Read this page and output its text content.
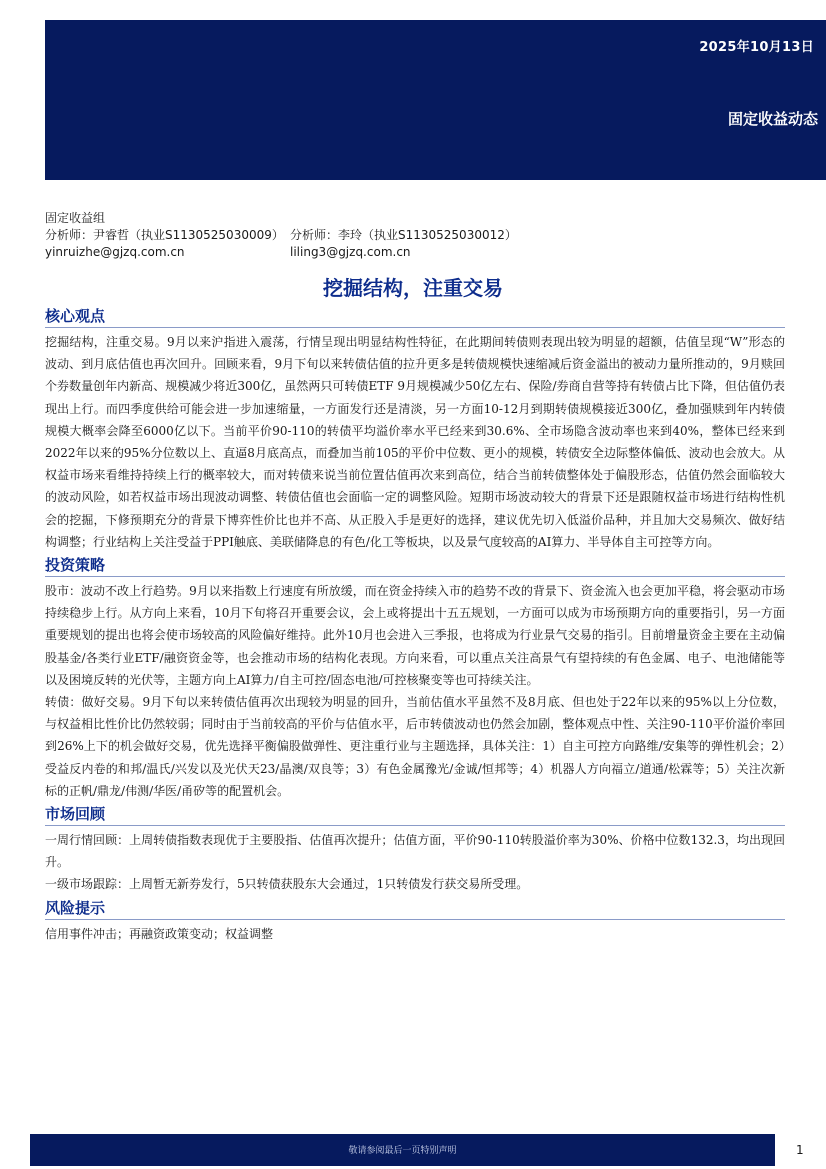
2025年10月13日
固定收益动态
固定收益组
分析师：尹睿哲（执业S1130525030009） 分析师：李玲（执业S1130525030012）
yinruizhe@gjzq.com.cn	liling3@gjzq.com.cn
挖掘结构，注重交易
核心观点

挖掘结构，注重交易。9月以来沪指进入震荡，行情呈现出明显结构性特征，在此期间转债则表现出较为明显的超额，估值呈现“W”形态的波动、到月底估值也再次回升。回顾来看，9月下旬以来转债估值的拉升更多是转债规模快速缩减后资金溢出的被动力量所推动的，9月赎回个券数量创年内新高、规模减少将近300亿，虽然两只可转债ETF 9月规模减少50亿左右、保险/券商自营等持有转债占比下降，但估值仍表现出上行。而四季度供给可能会进一步加速缩量，一方面发行还是清淡，另一方面10-12月到期转债规模接近300亿，叠加强赎到年内转债规模大概率会降至6000亿以下。当前平价90-110的转债平均溢价率水平已经来到30.6%、全市场隐含波动率也来到40%，整体已经来到2022年以来的95%分位数以上、直逼8月底高点，而叠加当前105的平价中位数、更小的规模，转债安全边际整体偏低、波动也会放大。从权益市场来看维持持续上行的概率较大，而对转债来说当前位置估值再次来到高位，结合当前转债整体处于偏股形态，估值仍然会面临较大的波动风险，如若权益市场出现波动调整、转债估值也会面临一定的调整风险。短期市场波动较大的背景下还是跟随权益市场进行结构性机会的挖掘，下修预期充分的背景下博弈性价比也并不高、从正股入手是更好的选择，建议优先切入低溢价品种，并且加大交易频次、做好结构调整；行业结构上关注受益于PPI触底、美联储降息的有色/化工等板块，以及景气度较高的AI算力、半导体自主可控等方向。

投资策略

股市：波动不改上行趋势。9月以来指数上行速度有所放缓，而在资金持续入市的趋势不改的背景下、资金流入也会更加平稳，将会驱动市场持续稳步上行。从方向上来看，10月下旬将召开重要会议，会上或将提出十五五规划，一方面可以成为市场预期方向的重要指引，另一方面重要规划的提出也将会使市场较高的风险偏好维持。此外10月也会进入三季报，也将成为行业景气交易的指引。目前增量资金主要在主动偏股基金/各类行业ETF/融资资金等，也会推动市场的结构化表现。方向来看，可以重点关注高景气有望持续的有色金属、电子、电池储能等以及困境反转的光伏等，主题方向上AI算力/自主可控/固态电池/可控核聚变等也可持续关注。

转债：做好交易。9月下旬以来转债估值再次出现较为明显的回升，当前估值水平虽然不及8月底、但也处于22年以来的95%以上分位数，与权益相比性价比仍然较弱；同时由于当前较高的平价与估值水平，后市转债波动也仍然会加剧，整体观点中性、关注90-110平价溢价率回到26%上下的机会做好交易，优先选择平衡偏股做弹性、更注重行业与主题选择，具体关注：1）自主可控方向路维/安集等的弹性机会；2）受益反内卷的和邦/温氏/兴发以及光伏天23/晶澳/双良等；3）有色金属豫光/金诚/恒邦等；4）机器人方向福立/道通/松霖等；5）关注次新标的正帆/鼎龙/伟测/华医/甬矽等的配置机会。

市场回顾

一周行情回顾：上周转债指数表现优于主要股指、估值再次提升；估值方面，平价90-110转股溢价率为30%、价格中位数132.3，均出现回升。

一级市场跟踪：上周暂无新券发行，5只转债获股东大会通过，1只转债发行获交易所受理。

风险提示

信用事件冲击；再融资政策变动；权益调整

敬请参阅最后一页特别声明	1
